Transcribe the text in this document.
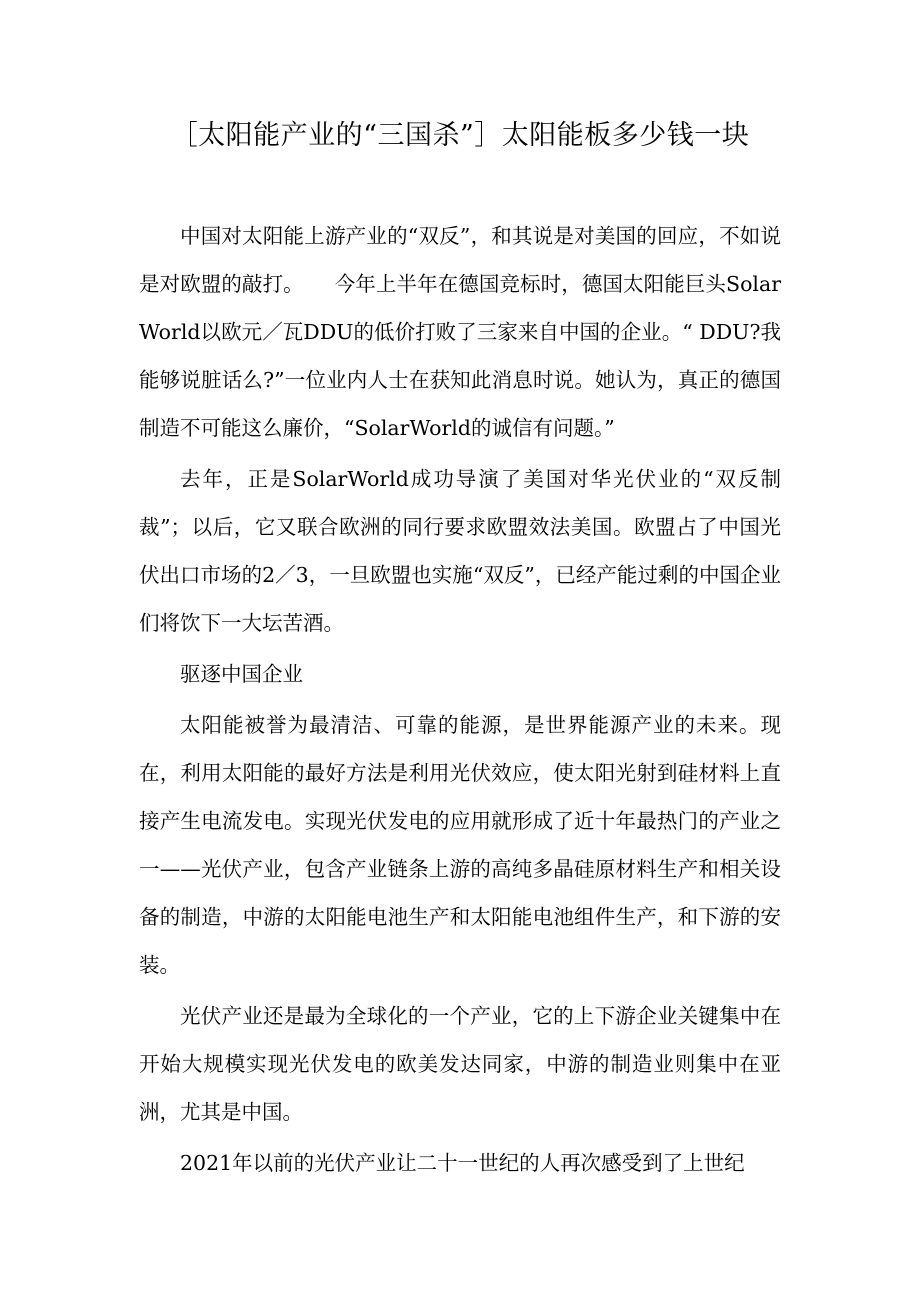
［太阳能产业的“三国杀”］太阳能板多少钱一块

中国对太阳能上游产业的“双反”，和其说是对美国的回应，不如说是对欧盟的敲打。　　今年上半年在德国竞标时，德国太阳能巨头SolarWorld以欧元／瓦DDU的低价打败了三家来自中国的企业。“ DDU?我能够说脏话么?”一位业内人士在获知此消息时说。她认为，真正的德国制造不可能这么廉价，“SolarWorld的诚信有问题。”

去年，正是SolarWorld成功导演了美国对华光伏业的“双反制裁”；以后，它又联合欧洲的同行要求欧盟效法美国。欧盟占了中国光伏出口市场的2／3，一旦欧盟也实施“双反”，已经产能过剩的中国企业们将饮下一大坛苦酒。

驱逐中国企业

太阳能被誉为最清洁、可靠的能源，是世界能源产业的未来。现在，利用太阳能的最好方法是利用光伏效应，使太阳光射到硅材料上直接产生电流发电。实现光伏发电的应用就形成了近十年最热门的产业之一——光伏产业，包含产业链条上游的高纯多晶硅原材料生产和相关设备的制造，中游的太阳能电池生产和太阳能电池组件生产，和下游的安装。

光伏产业还是最为全球化的一个产业，它的上下游企业关键集中在开始大规模实现光伏发电的欧美发达同家，中游的制造业则集中在亚洲，尤其是中国。

2021年以前的光伏产业让二十一世纪的人再次感受到了上世纪
